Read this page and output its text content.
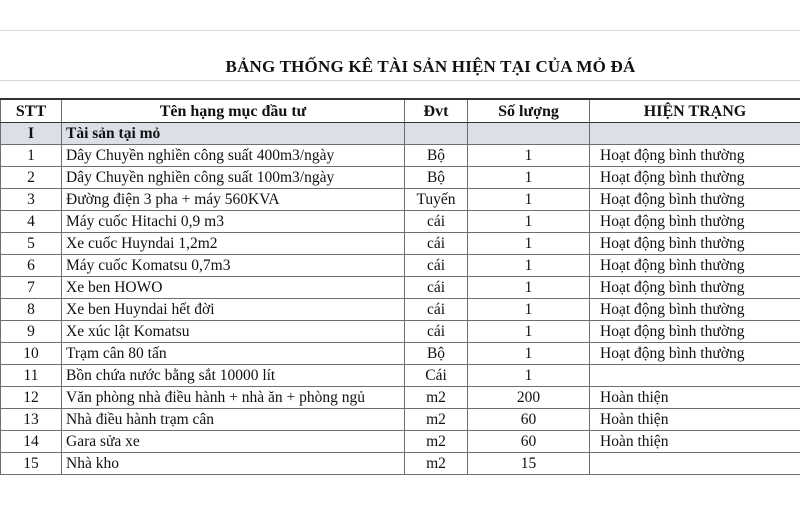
BẢNG THỐNG KÊ TÀI SẢN HIỆN TẠI CỦA MỎ ĐÁ
STT	Tên hạng mục đầu tư	Đvt	Số lượng	HIỆN TRẠNG
I	Tài sản tại mỏ			
1	Dây Chuyền nghiền công suất 400m3/ngày	Bộ	1	Hoạt động bình thường
2	Dây Chuyền nghiền công suất 100m3/ngày	Bộ	1	Hoạt động bình thường
3	Đường điện 3 pha + máy 560KVA	Tuyến	1	Hoạt động bình thường
4	Máy cuốc Hitachi 0,9 m3	cái	1	Hoạt động bình thường
5	Xe cuốc Huyndai 1,2m2	cái	1	Hoạt động bình thường
6	Máy cuốc Komatsu 0,7m3	cái	1	Hoạt động bình thường
7	Xe ben HOWO	cái	1	Hoạt động bình thường
8	Xe ben Huyndai hết đời	cái	1	Hoạt động bình thường
9	Xe xúc lật Komatsu	cái	1	Hoạt động bình thường
10	Trạm cân 80 tấn	Bộ	1	Hoạt động bình thường
11	Bồn chứa nước bằng sắt 10000 lít	Cái	1	
12	Văn phòng nhà điều hành + nhà ăn + phòng ngủ	m2	200	Hoàn thiện
13	Nhà điều hành trạm cân	m2	60	Hoàn thiện
14	Gara sửa xe	m2	60	Hoàn thiện
15	Nhà kho	m2	15	
